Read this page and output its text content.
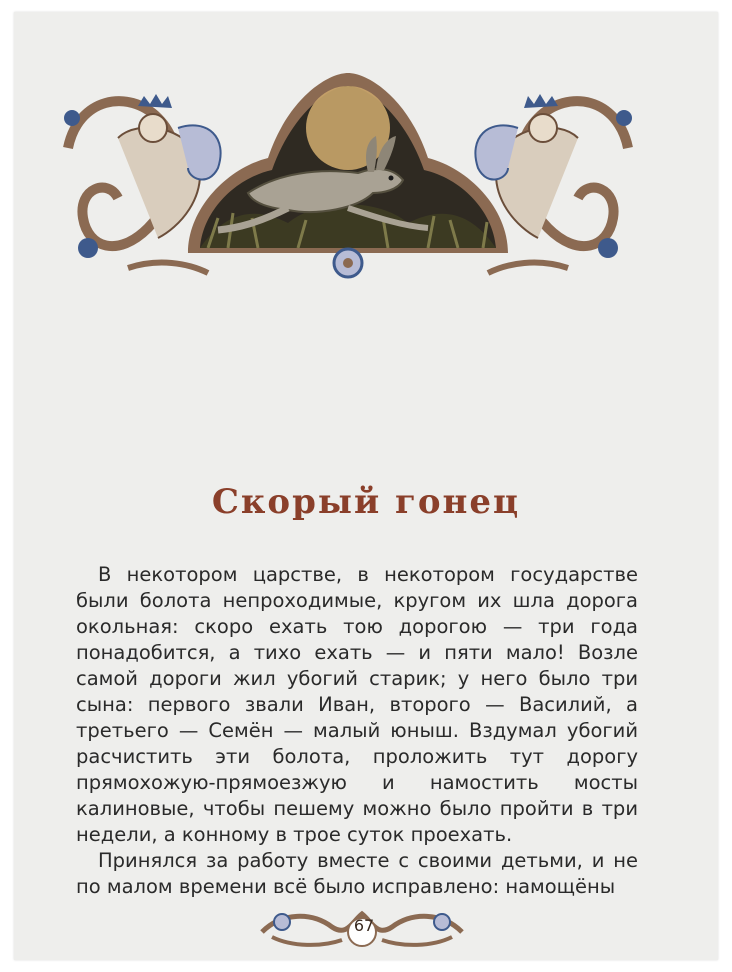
Скорый гонец

В некотором царстве, в некотором государстве были болота непроходимые, кругом их шла дорога окольная: скоро ехать тою дорогою — три года понадобится, а тихо ехать — и пяти мало! Возле самой дороги жил убогий старик; у него было три сына: первого звали Иван, второго — Василий, а третьего — Семён — малый юныш. Вздумал убогий расчистить эти болота, проложить тут дорогу прямохожую-прямоезжую и намостить мосты калиновые, чтобы пешему можно было пройти в три недели, а конному в трое суток проехать.

Принялся за работу вместе с своими детьми, и не по малом времени всё было исправлено: намощёны

67
